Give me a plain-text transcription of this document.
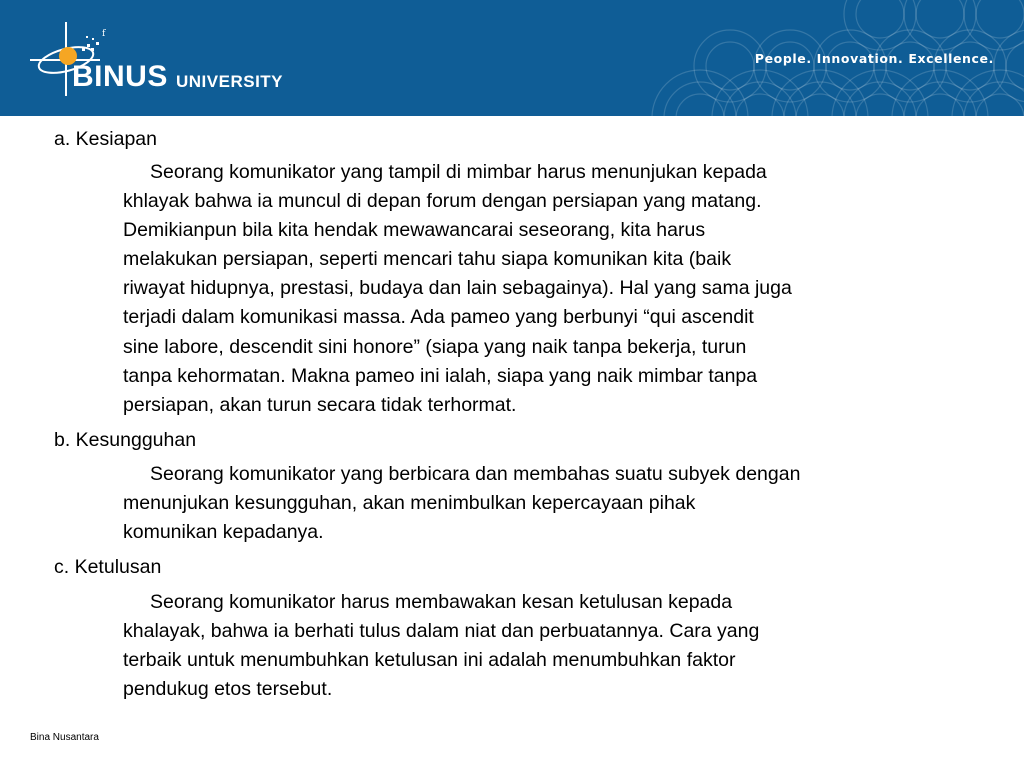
f
BINUS UNIVERSITY
People. Innovation. Excellence.
a. Kesiapan
Seorang komunikator yang tampil di mimbar harus menunjukan kepada
khlayak bahwa ia muncul di depan forum dengan persiapan yang matang.
Demikianpun bila kita hendak mewawancarai seseorang, kita harus
melakukan persiapan, seperti mencari tahu siapa komunikan kita (baik
riwayat hidupnya, prestasi, budaya dan lain sebagainya). Hal yang sama juga
terjadi dalam komunikasi massa. Ada pameo yang berbunyi “qui ascendit
sine labore, descendit sini honore” (siapa yang naik tanpa bekerja, turun
tanpa kehormatan. Makna pameo ini ialah, siapa yang naik mimbar tanpa
persiapan, akan turun secara tidak terhormat.
b. Kesungguhan
Seorang komunikator yang berbicara dan membahas suatu subyek dengan
menunjukan kesungguhan, akan menimbulkan kepercayaan pihak
komunikan kepadanya.
c. Ketulusan
Seorang komunikator harus membawakan kesan ketulusan kepada
khalayak, bahwa ia berhati tulus dalam niat dan perbuatannya. Cara yang
terbaik untuk menumbuhkan ketulusan ini adalah menumbuhkan faktor
pendukug etos tersebut.
Bina Nusantara
